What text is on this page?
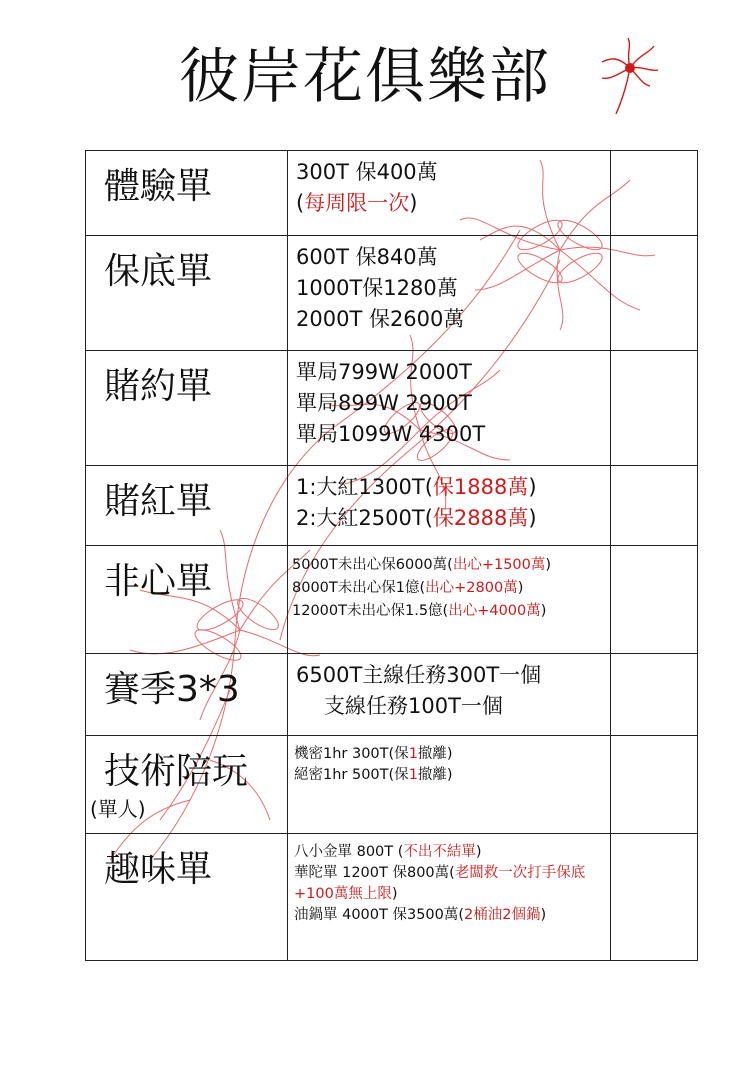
彼岸花俱樂部
體驗單	300T 保400萬
(每周限一次)	

保底單	600T 保840萬
1000T保1280萬
2000T 保2600萬	

賭約單	單局799W 2000T
單局899W 2900T
單局1099W 4300T	

賭紅單	1:大紅1300T(保1888萬)
2:大紅2500T(保2888萬)	

非心單	5000T未出心保6000萬(出心+1500萬)
8000T未出心保1億(出心+2800萬)
12000T未出心保1.5億(出心+4000萬)	

賽季3*3	6500T主線任務300T一個
支線任務100T一個	

技術陪玩
(單人)	機密1hr 300T(保1撤離)
絕密1hr 500T(保1撤離)	

趣味單	八小金單 800T (不出不結單)
華陀單 1200T 保800萬(老闆救一次打手保底+100萬無上限)
油鍋單 4000T 保3500萬(2桶油2個鍋)	
